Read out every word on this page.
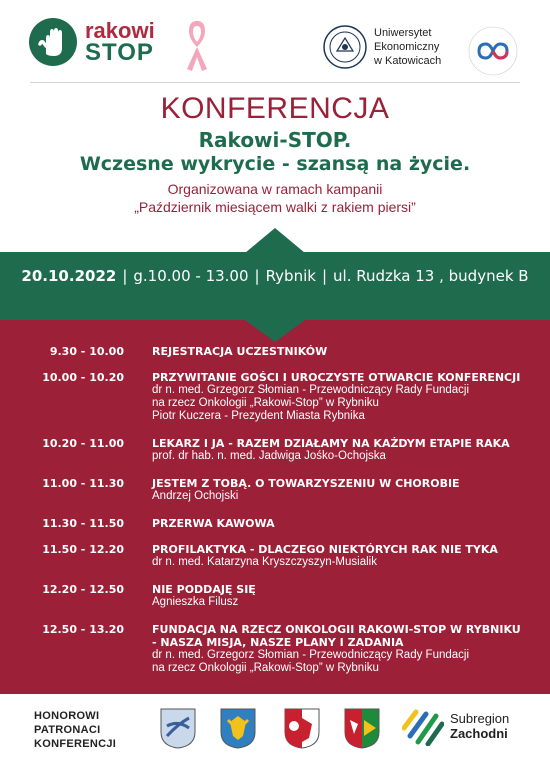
rakowi
STOP
Uniwersytet
Ekonomiczny
w Katowicach
KONFERENCJA
Rakowi-STOP.
Wczesne wykrycie - szansą na życie.
Organizowana w ramach kampanii
„Październik miesiącem walki z rakiem piersi”
20.10.2022 | g.10.00 - 13.00 | Rybnik | ul. Rudzka 13 , budynek B
9.30 - 10.00	REJESTRACJA UCZESTNIKÓW
10.00 - 10.20	PRZYWITANIE GOŚCI I UROCZYSTE OTWARCIE KONFERENCJI
dr n. med. Grzegorz Słomian - Przewodniczący Rady Fundacji
na rzecz Onkologii „Rakowi-Stop” w Rybniku
Piotr Kuczera - Prezydent Miasta Rybnika
10.20 - 11.00	LEKARZ I JA - RAZEM DZIAŁAMY NA KAŻDYM ETAPIE RAKA
prof. dr hab. n. med. Jadwiga Jośko-Ochojska
11.00 - 11.30	JESTEM Z TOBĄ. O TOWARZYSZENIU W CHOROBIE
Andrzej Ochojski
11.30 - 11.50	PRZERWA KAWOWA
11.50 - 12.20	PROFILAKTYKA - DLACZEGO NIEKTÓRYCH RAK NIE TYKA
dr n. med. Katarzyna Kryszczyszyn-Musialik
12.20 - 12.50	NIE PODDAJĘ SIĘ
Agnieszka Filusz
12.50 - 13.20	FUNDACJA NA RZECZ ONKOLOGII RAKOWI-STOP W RYBNIKU
- NASZA MISJA, NASZE PLANY I ZADANIA
dr n. med. Grzegorz Słomian - Przewodniczący Rady Fundacji
na rzecz Onkologii „Rakowi-Stop” w Rybniku
HONOROWI
PATRONACI
KONFERENCJI
Subregion
Zachodni
